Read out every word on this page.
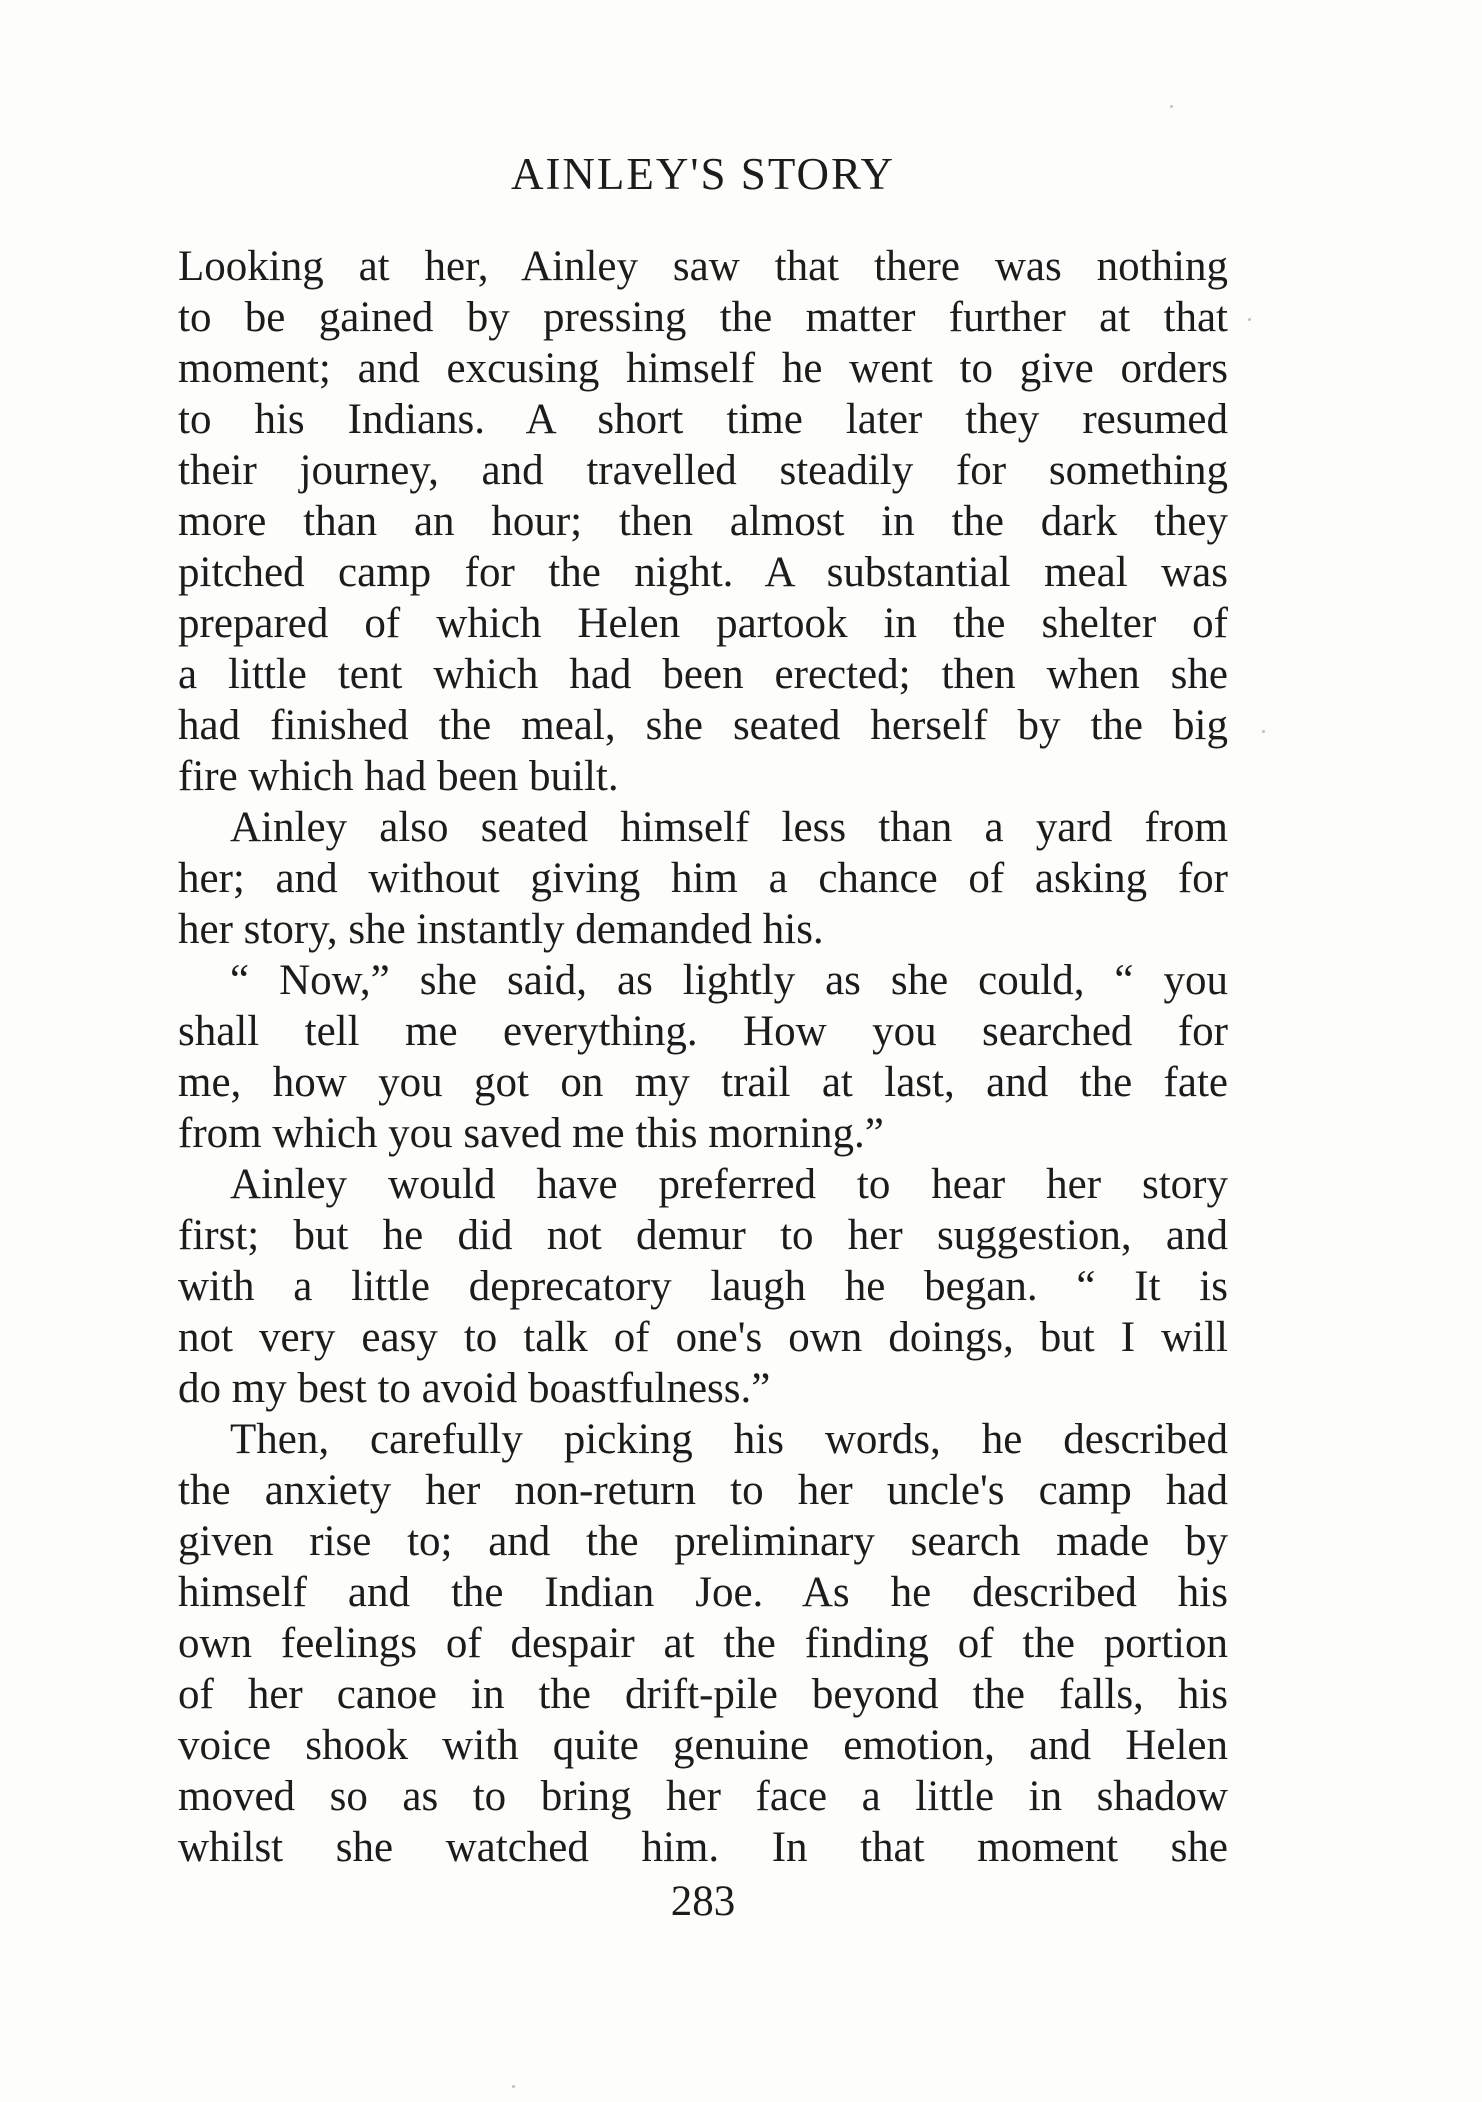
AINLEY'S STORY

Looking at her, Ainley saw that there was nothing

to be gained by pressing the matter further at that

moment; and excusing himself he went to give orders

to his Indians. A short time later they resumed

their journey, and travelled steadily for something

more than an hour; then almost in the dark they

pitched camp for the night. A substantial meal was

prepared of which Helen partook in the shelter of

a little tent which had been erected; then when she

had finished the meal, she seated herself by the big

fire which had been built.

Ainley also seated himself less than a yard from

her; and without giving him a chance of asking for

her story, she instantly demanded his.

“ Now,” she said, as lightly as she could, “ you

shall tell me everything. How you searched for

me, how you got on my trail at last, and the fate

from which you saved me this morning.”

Ainley would have preferred to hear her story

first; but he did not demur to her suggestion, and

with a little deprecatory laugh he began. “ It is

not very easy to talk of one's own doings, but I will

do my best to avoid boastfulness.”

Then, carefully picking his words, he described

the anxiety her non-return to her uncle's camp had

given rise to; and the preliminary search made by

himself and the Indian Joe. As he described his

own feelings of despair at the finding of the portion

of her canoe in the drift-pile beyond the falls, his

voice shook with quite genuine emotion, and Helen

moved so as to bring her face a little in shadow

whilst she watched him. In that moment she

283
